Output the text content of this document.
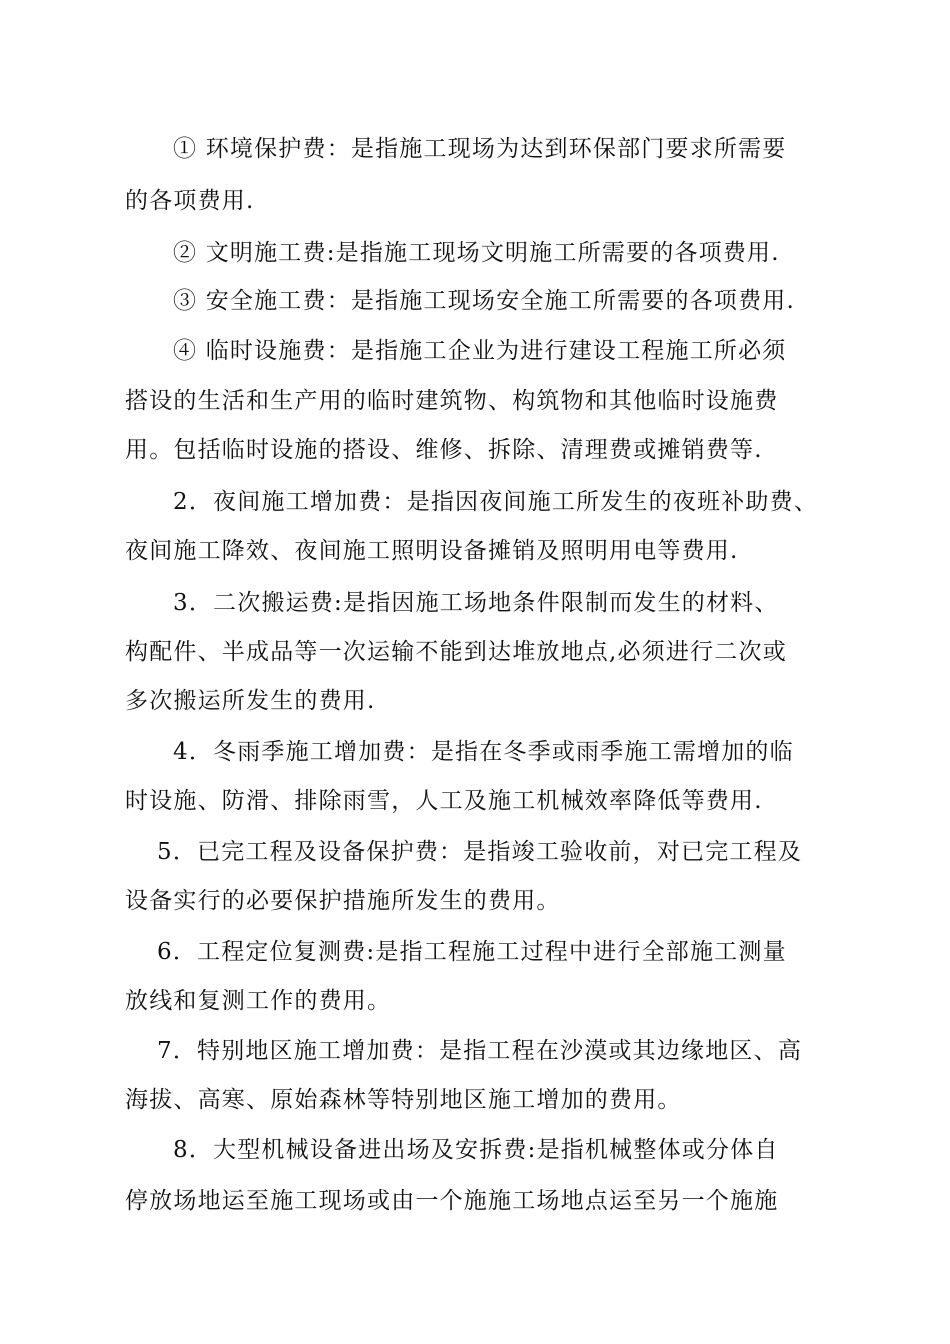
① 环境保护费：是指施工现场为达到环保部门要求所需要
的各项费用.
② 文明施工费:是指施工现场文明施工所需要的各项费用.
③ 安全施工费：是指施工现场安全施工所需要的各项费用.
④ 临时设施费：是指施工企业为进行建设工程施工所必须
搭设的生活和生产用的临时建筑物、构筑物和其他临时设施费
用。包括临时设施的搭设、维修、拆除、清理费或摊销费等.
2．夜间施工增加费：是指因夜间施工所发生的夜班补助费、
夜间施工降效、夜间施工照明设备摊销及照明用电等费用.
3．二次搬运费:是指因施工场地条件限制而发生的材料、
构配件、半成品等一次运输不能到达堆放地点,必须进行二次或
多次搬运所发生的费用.
4．冬雨季施工增加费：是指在冬季或雨季施工需增加的临
时设施、防滑、排除雨雪，人工及施工机械效率降低等费用.
5．已完工程及设备保护费：是指竣工验收前，对已完工程及
设备实行的必要保护措施所发生的费用。
6．工程定位复测费:是指工程施工过程中进行全部施工测量
放线和复测工作的费用。
7．特别地区施工增加费：是指工程在沙漠或其边缘地区、高
海拔、高寒、原始森林等特别地区施工增加的费用。
8．大型机械设备进出场及安拆费:是指机械整体或分体自
停放场地运至施工现场或由一个施施工场地点运至另一个施施
